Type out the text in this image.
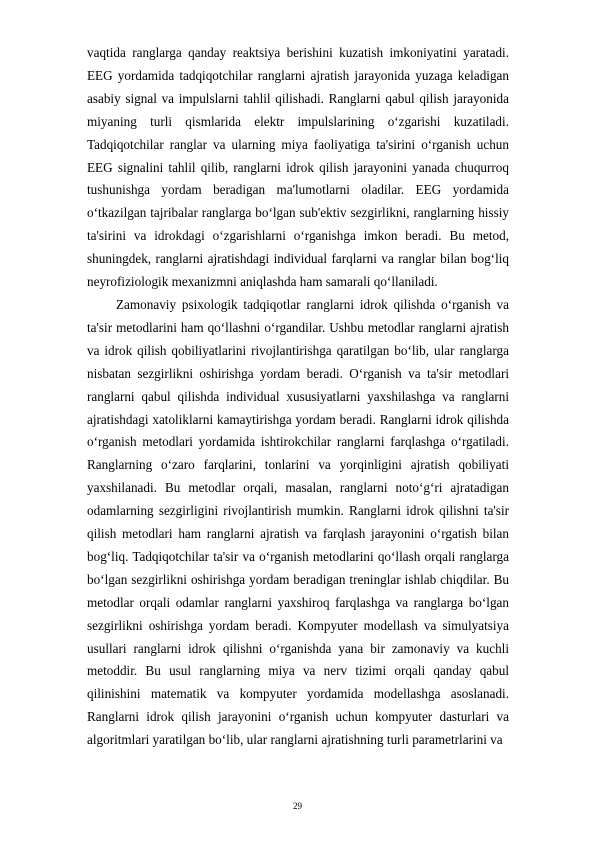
vaqtida ranglarga qanday reaktsiya berishini kuzatish imkoniyatini yaratadi. EEG yordamida tadqiqotchilar ranglarni ajratish jarayonida yuzaga keladigan asabiy signal va impulslarni tahlil qilishadi. Ranglarni qabul qilish jarayonida miyaning turli qismlarida elektr impulslarining o‘zgarishi kuzatiladi. Tadqiqotchilar ranglar va ularning miya faoliyatiga ta'sirini o‘rganish uchun EEG signalini tahlil qilib, ranglarni idrok qilish jarayonini yanada chuqurroq tushunishga yordam beradigan ma'lumotlarni oladilar. EEG yordamida o‘tkazilgan tajribalar ranglarga bo‘lgan sub'ektiv sezgirlikni, ranglarning hissiy ta'sirini va idrokdagi o‘zgarishlarni o‘rganishga imkon beradi. Bu metod, shuningdek, ranglarni ajratishdagi individual farqlarni va ranglar bilan bog‘liq neyrofiziologik mexanizmni aniqlashda ham samarali qo‘llaniladi.

Zamonaviy psixologik tadqiqotlar ranglarni idrok qilishda o‘rganish va ta'sir metodlarini ham qo‘llashni o‘rgandilar. Ushbu metodlar ranglarni ajratish va idrok qilish qobiliyatlarini rivojlantirishga qaratilgan bo‘lib, ular ranglarga nisbatan sezgirlikni oshirishga yordam beradi. O‘rganish va ta'sir metodlari ranglarni qabul qilishda individual xususiyatlarni yaxshilashga va ranglarni ajratishdagi xatoliklarni kamaytirishga yordam beradi. Ranglarni idrok qilishda o‘rganish metodlari yordamida ishtirokchilar ranglarni farqlashga o‘rgatiladi. Ranglarning o‘zaro farqlarini, tonlarini va yorqinligini ajratish qobiliyati yaxshilanadi. Bu metodlar orqali, masalan, ranglarni noto‘g‘ri ajratadigan odamlarning sezgirligini rivojlantirish mumkin. Ranglarni idrok qilishni ta'sir qilish metodlari ham ranglarni ajratish va farqlash jarayonini o‘rgatish bilan bog‘liq. Tadqiqotchilar ta'sir va o‘rganish metodlarini qo‘llash orqali ranglarga bo‘lgan sezgirlikni oshirishga yordam beradigan treninglar ishlab chiqdilar. Bu metodlar orqali odamlar ranglarni yaxshiroq farqlashga va ranglarga bo‘lgan sezgirlikni oshirishga yordam beradi. Kompyuter modellash va simulyatsiya usullari ranglarni idrok qilishni o‘rganishda yana bir zamonaviy va kuchli metoddir. Bu usul ranglarning miya va nerv tizimi orqali qanday qabul qilinishini matematik va kompyuter yordamida modellashga asoslanadi. Ranglarni idrok qilish jarayonini o‘rganish uchun kompyuter dasturlari va algoritmlari yaratilgan bo‘lib, ular ranglarni ajratishning turli parametrlarini va

29
